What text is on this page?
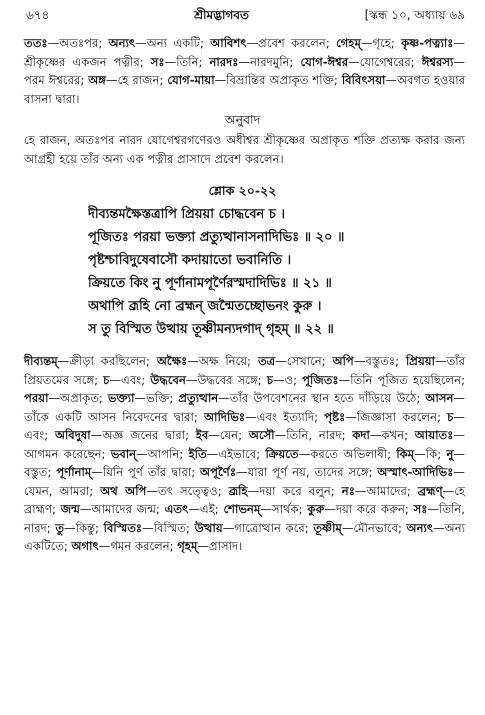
৬৭৪	শ্রীমদ্ভাগবত	[স্কন্ধ ১০, অধ্যায় ৬৯

ততঃ—অতঃপর; অন্যৎ—অন্য একটি; আবিশৎ—প্রবেশ করলেন; গেহম্—গৃহে; কৃষ্ণ-পত্ন্যাঃ—শ্রীকৃষ্ণের একজন পত্নীর; সঃ—তিনি; নারদঃ—নারদমুনি; যোগ-ঈশ্বর—যোগেশ্বরের; ঈশ্বরস্য—পরম ঈশ্বরের; অঙ্গ—হে রাজন; যোগ-মায়া—বিভ্রান্তির অপ্রাকৃত শক্তি; বিবিৎসয়া—অবগত হওয়ার বাসনা দ্বারা।

অনুবাদ

হে রাজন, অতঃপর নারদ যোগেশ্বরগণেরও অধীশ্বর শ্রীকৃষ্ণের অপ্রাকৃত শক্তি প্রত্যক্ষ করার জন্য আগ্রহী হয়ে তাঁর অন্য এক পত্নীর প্রাসাদে প্রবেশ করলেন।

শ্লোক ২০-২২
দীব্যন্তমক্ষৈস্তত্রাপি প্রিয়য়া চোদ্ধবেন চ ।
পূজিতঃ পরয়া ভক্ত্যা প্রত্যুত্থানাসনাদিভিঃ ॥ ২০ ॥
পৃষ্টশ্চাবিদুষেবাসৌ কদায়াতো ভবানিতি ।
ক্রিয়তে কিং নু পূর্ণানামপূর্ণৈরস্মদাদিভিঃ ॥ ২১ ॥
অথাপি ব্রূহি নো ব্রহ্মন্ জন্মৈতচ্ছোভনং কুরু ।
স তু বিস্মিত উত্থায় তূষ্ণীমন্যদগাদ্ গৃহম্ ॥ ২২ ॥

দীব্যন্তম্—ক্রীড়া করছিলেন; অক্ষৈঃ—অক্ষ নিয়ে; তত্র—সেখানে; অপি—বস্তুতঃ; প্রিয়য়া—তাঁর প্রিয়তমের সঙ্গে; চ—এবং; উদ্ধবেন—উদ্ধবের সঙ্গে; চ—ও; পূজিতঃ—তিনি পূজিত হয়েছিলেন; পরয়া—অপ্রাকৃত; ভক্ত্যা—ভক্তি; প্রত্যুত্থান—তাঁর উপবেশনের স্থান হতে দাঁড়িয়ে উঠে; আসন—তাঁকে একটি আসন নিবেদনের দ্বারা; আদিভিঃ—এবং ইত্যাদি; পৃষ্টঃ—জিজ্ঞাসা করলেন; চ—এবং; অবিদুষা—অজ্ঞ জনের দ্বারা; ইব—যেন; অসৌ—তিনি, নারদ; কদা—কখন; আয়াতঃ—আগমন করেছেন; ভবান্—আপনি; ইতি—এইভাবে; ক্রিয়তে—করতে অভিলাষী; কিম্—কি; নু—বস্তুত; পূর্ণানাম্—যিনি পূর্ণ তাঁর দ্বারা; অপূর্ণৈঃ—যারা পূর্ণ নয়, তাদের সঙ্গে; অস্মাৎ-আদিভিঃ—যেমন, আমরা; অথ অপি—তৎ সত্ত্বেও; ব্রূহি—দয়া করে বলুন; নঃ—আমাদের; ব্রহ্মণ্—হে ব্রাহ্মণ; জন্ম—আমাদের জন্ম; এতৎ—এই; শোভনম্—সার্থক; কুরু—দয়া করে করুন; সঃ—তিনি, নারদ; তু—কিন্তু; বিস্মিতঃ—বিস্মিত; উত্থায়—গাত্রোত্থান করে; তূষ্ণীম্—মৌনভাবে; অন্যৎ—অন্য একটিতে; অগাৎ—গমন করলেন; গৃহম্—প্রাসাদ।
